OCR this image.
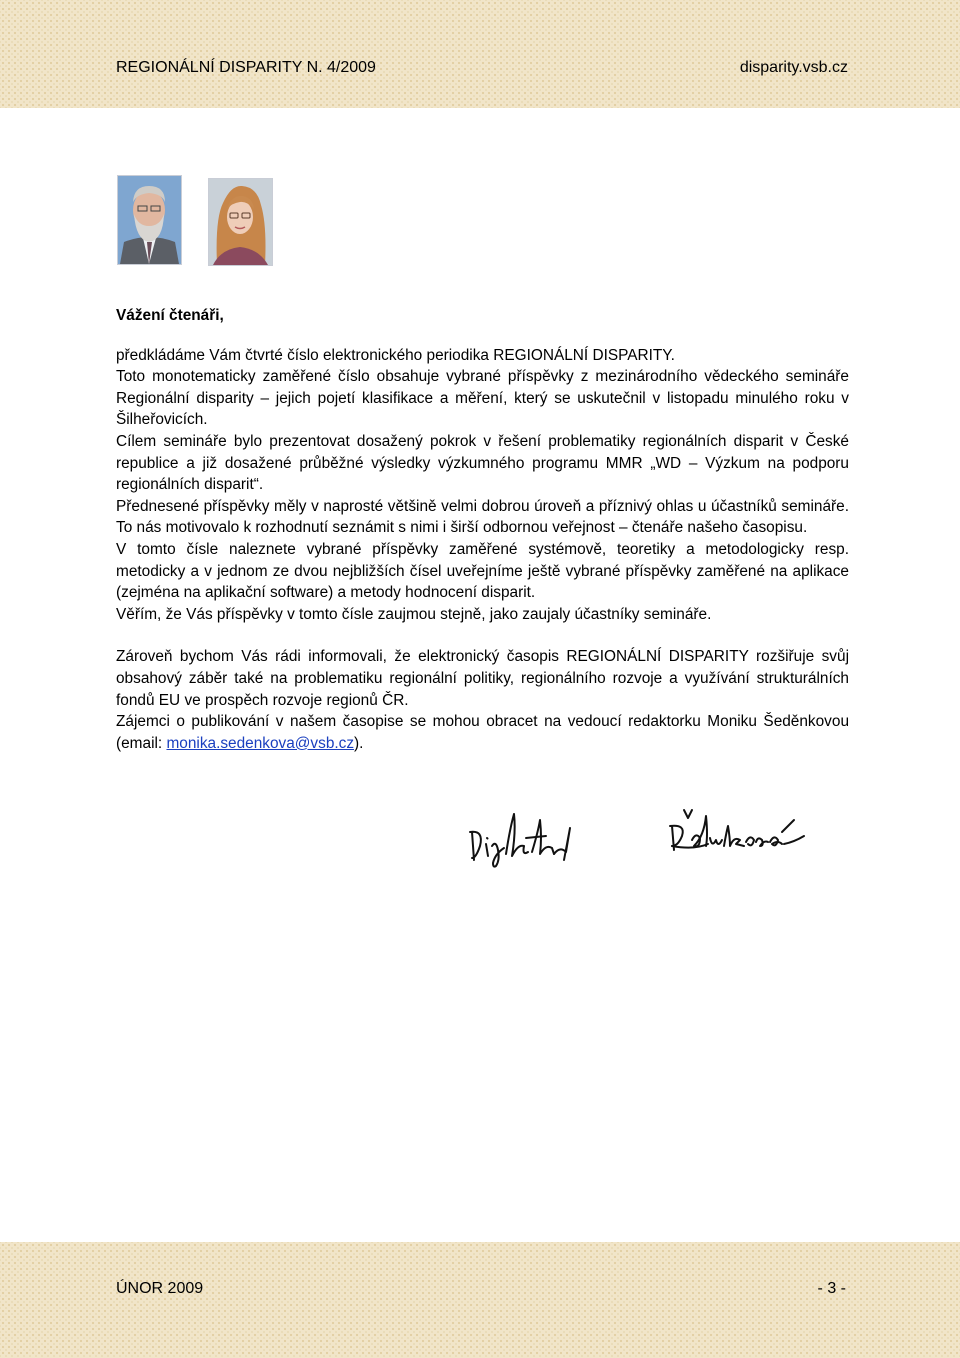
REGIONÁLNÍ DISPARITY N. 4/2009	disparity.vsb.cz

Vážení čtenáři,

předkládáme Vám čtvrté číslo elektronického periodika REGIONÁLNÍ DISPARITY.

Toto monotematicky zaměřené číslo obsahuje vybrané příspěvky z mezinárodního vědeckého semináře Regionální disparity – jejich pojetí klasifikace a měření, který se uskutečnil v listopadu minulého roku v Šilheřovicích.

Cílem semináře bylo prezentovat dosažený pokrok v řešení problematiky regionálních disparit v České republice a již dosažené průběžné výsledky výzkumného programu MMR „WD – Výzkum na podporu regionálních disparit“.

Přednesené příspěvky měly v naprosté většině velmi dobrou úroveň a příznivý ohlas u účastníků semináře. To nás motivovalo k rozhodnutí seznámit s nimi i širší odbornou veřejnost – čtenáře našeho časopisu.

V tomto čísle naleznete vybrané příspěvky zaměřené systémově, teoretiky a metodologicky resp. metodicky a v jednom ze dvou nejbližších čísel uveřejníme ještě vybrané příspěvky zaměřené na aplikace (zejména na aplikační software) a metody hodnocení disparit.

Věřím, že Vás příspěvky v tomto čísle zaujmou stejně, jako zaujaly účastníky semináře.

Zároveň bychom Vás rádi informovali, že elektronický časopis REGIONÁLNÍ DISPARITY rozšiřuje svůj obsahový záběr také na problematiku regionální politiky, regionálního rozvoje a využívání strukturálních fondů EU ve prospěch rozvoje regionů ČR.

Zájemci o publikování v našem časopise se mohou obracet na vedoucí redaktorku Moniku Šeděnkovou (email: monika.sedenkova@vsb.cz).

ÚNOR 2009	- 3 -
